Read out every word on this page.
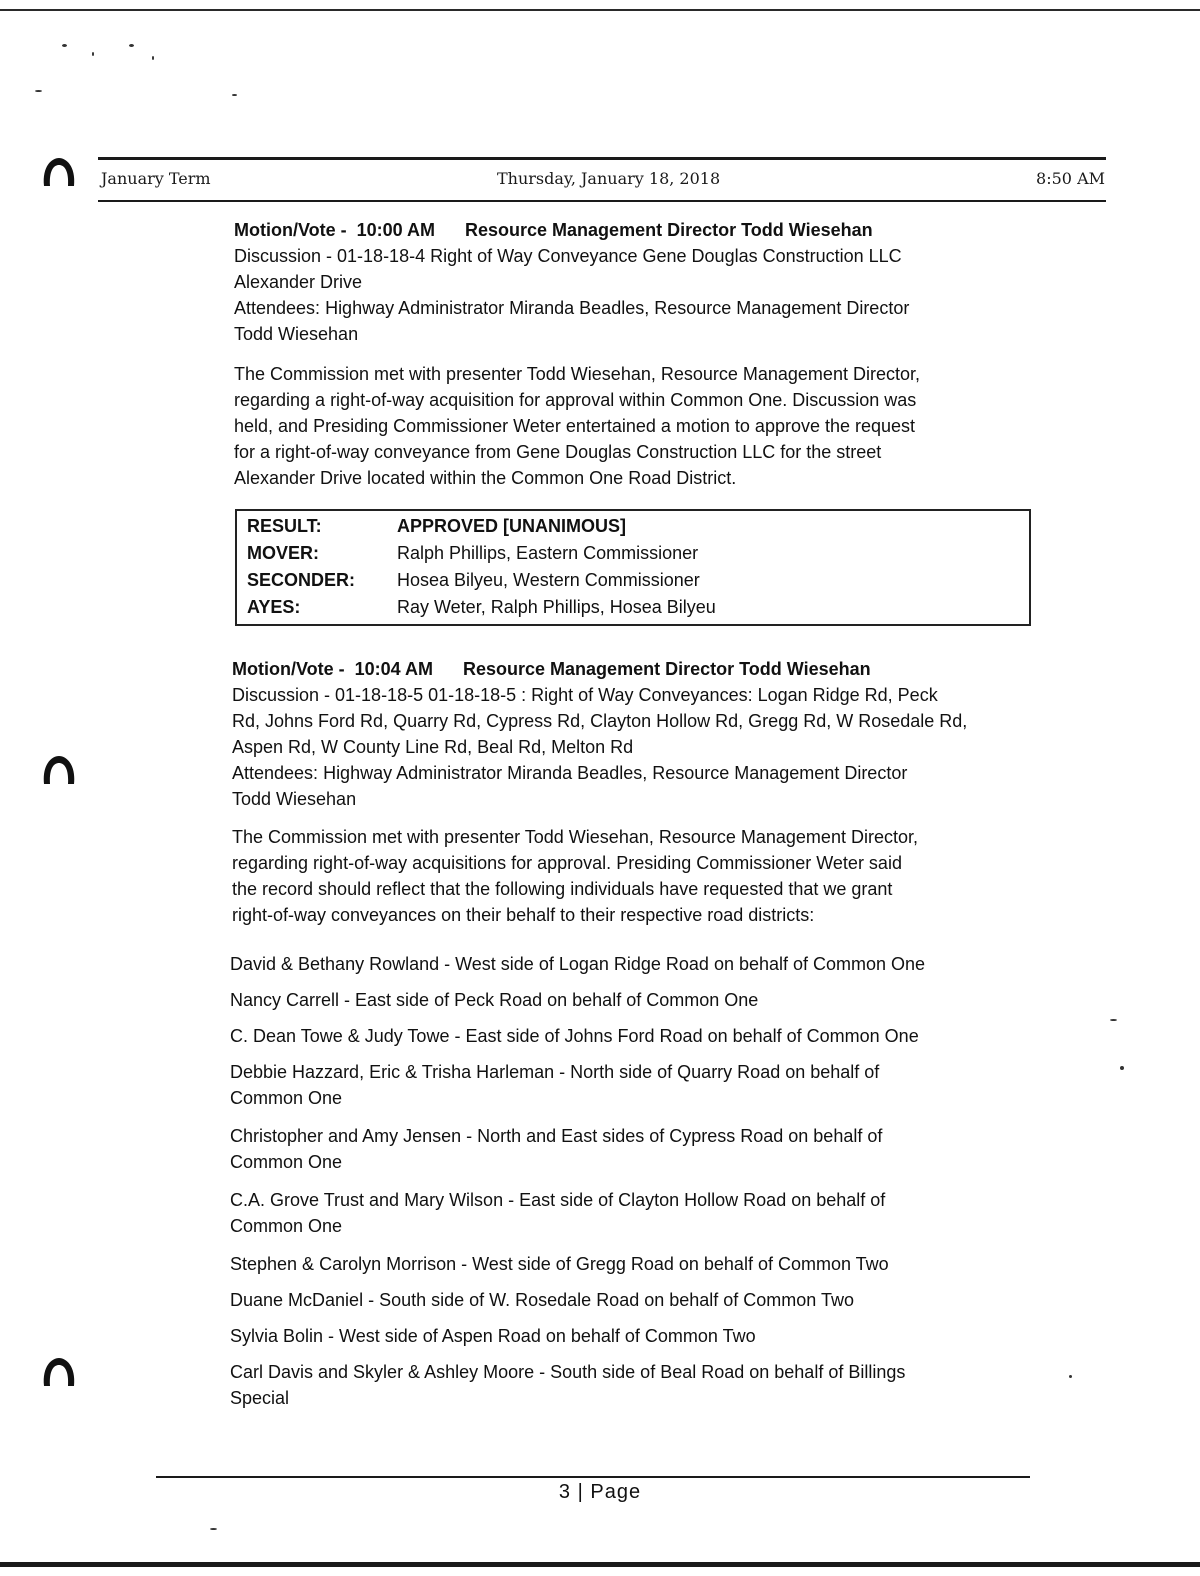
January Term	Thursday, January 18, 2018	8:50 AM
Motion/Vote -  10:00 AM      Resource Management Director Todd Wiesehan
Discussion - 01-18-18-4 Right of Way Conveyance Gene Douglas Construction LLC
Alexander Drive
Attendees: Highway Administrator Miranda Beadles, Resource Management Director
Todd Wiesehan
The Commission met with presenter Todd Wiesehan, Resource Management Director,
regarding a right-of-way acquisition for approval within Common One. Discussion was
held, and Presiding Commissioner Weter entertained a motion to approve the request
for a right-of-way conveyance from Gene Douglas Construction LLC for the street
Alexander Drive located within the Common One Road District.
RESULT:	APPROVED [UNANIMOUS]
MOVER:	Ralph Phillips, Eastern Commissioner
SECONDER:	Hosea Bilyeu, Western Commissioner
AYES:	Ray Weter, Ralph Phillips, Hosea Bilyeu
Motion/Vote -  10:04 AM      Resource Management Director Todd Wiesehan
Discussion - 01-18-18-5 01-18-18-5 : Right of Way Conveyances: Logan Ridge Rd, Peck
Rd, Johns Ford Rd, Quarry Rd, Cypress Rd, Clayton Hollow Rd, Gregg Rd, W Rosedale Rd,
Aspen Rd, W County Line Rd, Beal Rd, Melton Rd
Attendees: Highway Administrator Miranda Beadles, Resource Management Director
Todd Wiesehan
The Commission met with presenter Todd Wiesehan, Resource Management Director,
regarding right-of-way acquisitions for approval. Presiding Commissioner Weter said
the record should reflect that the following individuals have requested that we grant
right-of-way conveyances on their behalf to their respective road districts:
David & Bethany Rowland - West side of Logan Ridge Road on behalf of Common One
Nancy Carrell - East side of Peck Road on behalf of Common One
C. Dean Towe & Judy Towe - East side of Johns Ford Road on behalf of Common One
Debbie Hazzard, Eric & Trisha Harleman - North side of Quarry Road on behalf of
Common One
Christopher and Amy Jensen - North and East sides of Cypress Road on behalf of
Common One
C.A. Grove Trust and Mary Wilson - East side of Clayton Hollow Road on behalf of
Common One
Stephen & Carolyn Morrison - West side of Gregg Road on behalf of Common Two
Duane McDaniel - South side of W. Rosedale Road on behalf of Common Two
Sylvia Bolin - West side of Aspen Road on behalf of Common Two
Carl Davis and Skyler & Ashley Moore - South side of Beal Road on behalf of Billings
Special
3 | Page
